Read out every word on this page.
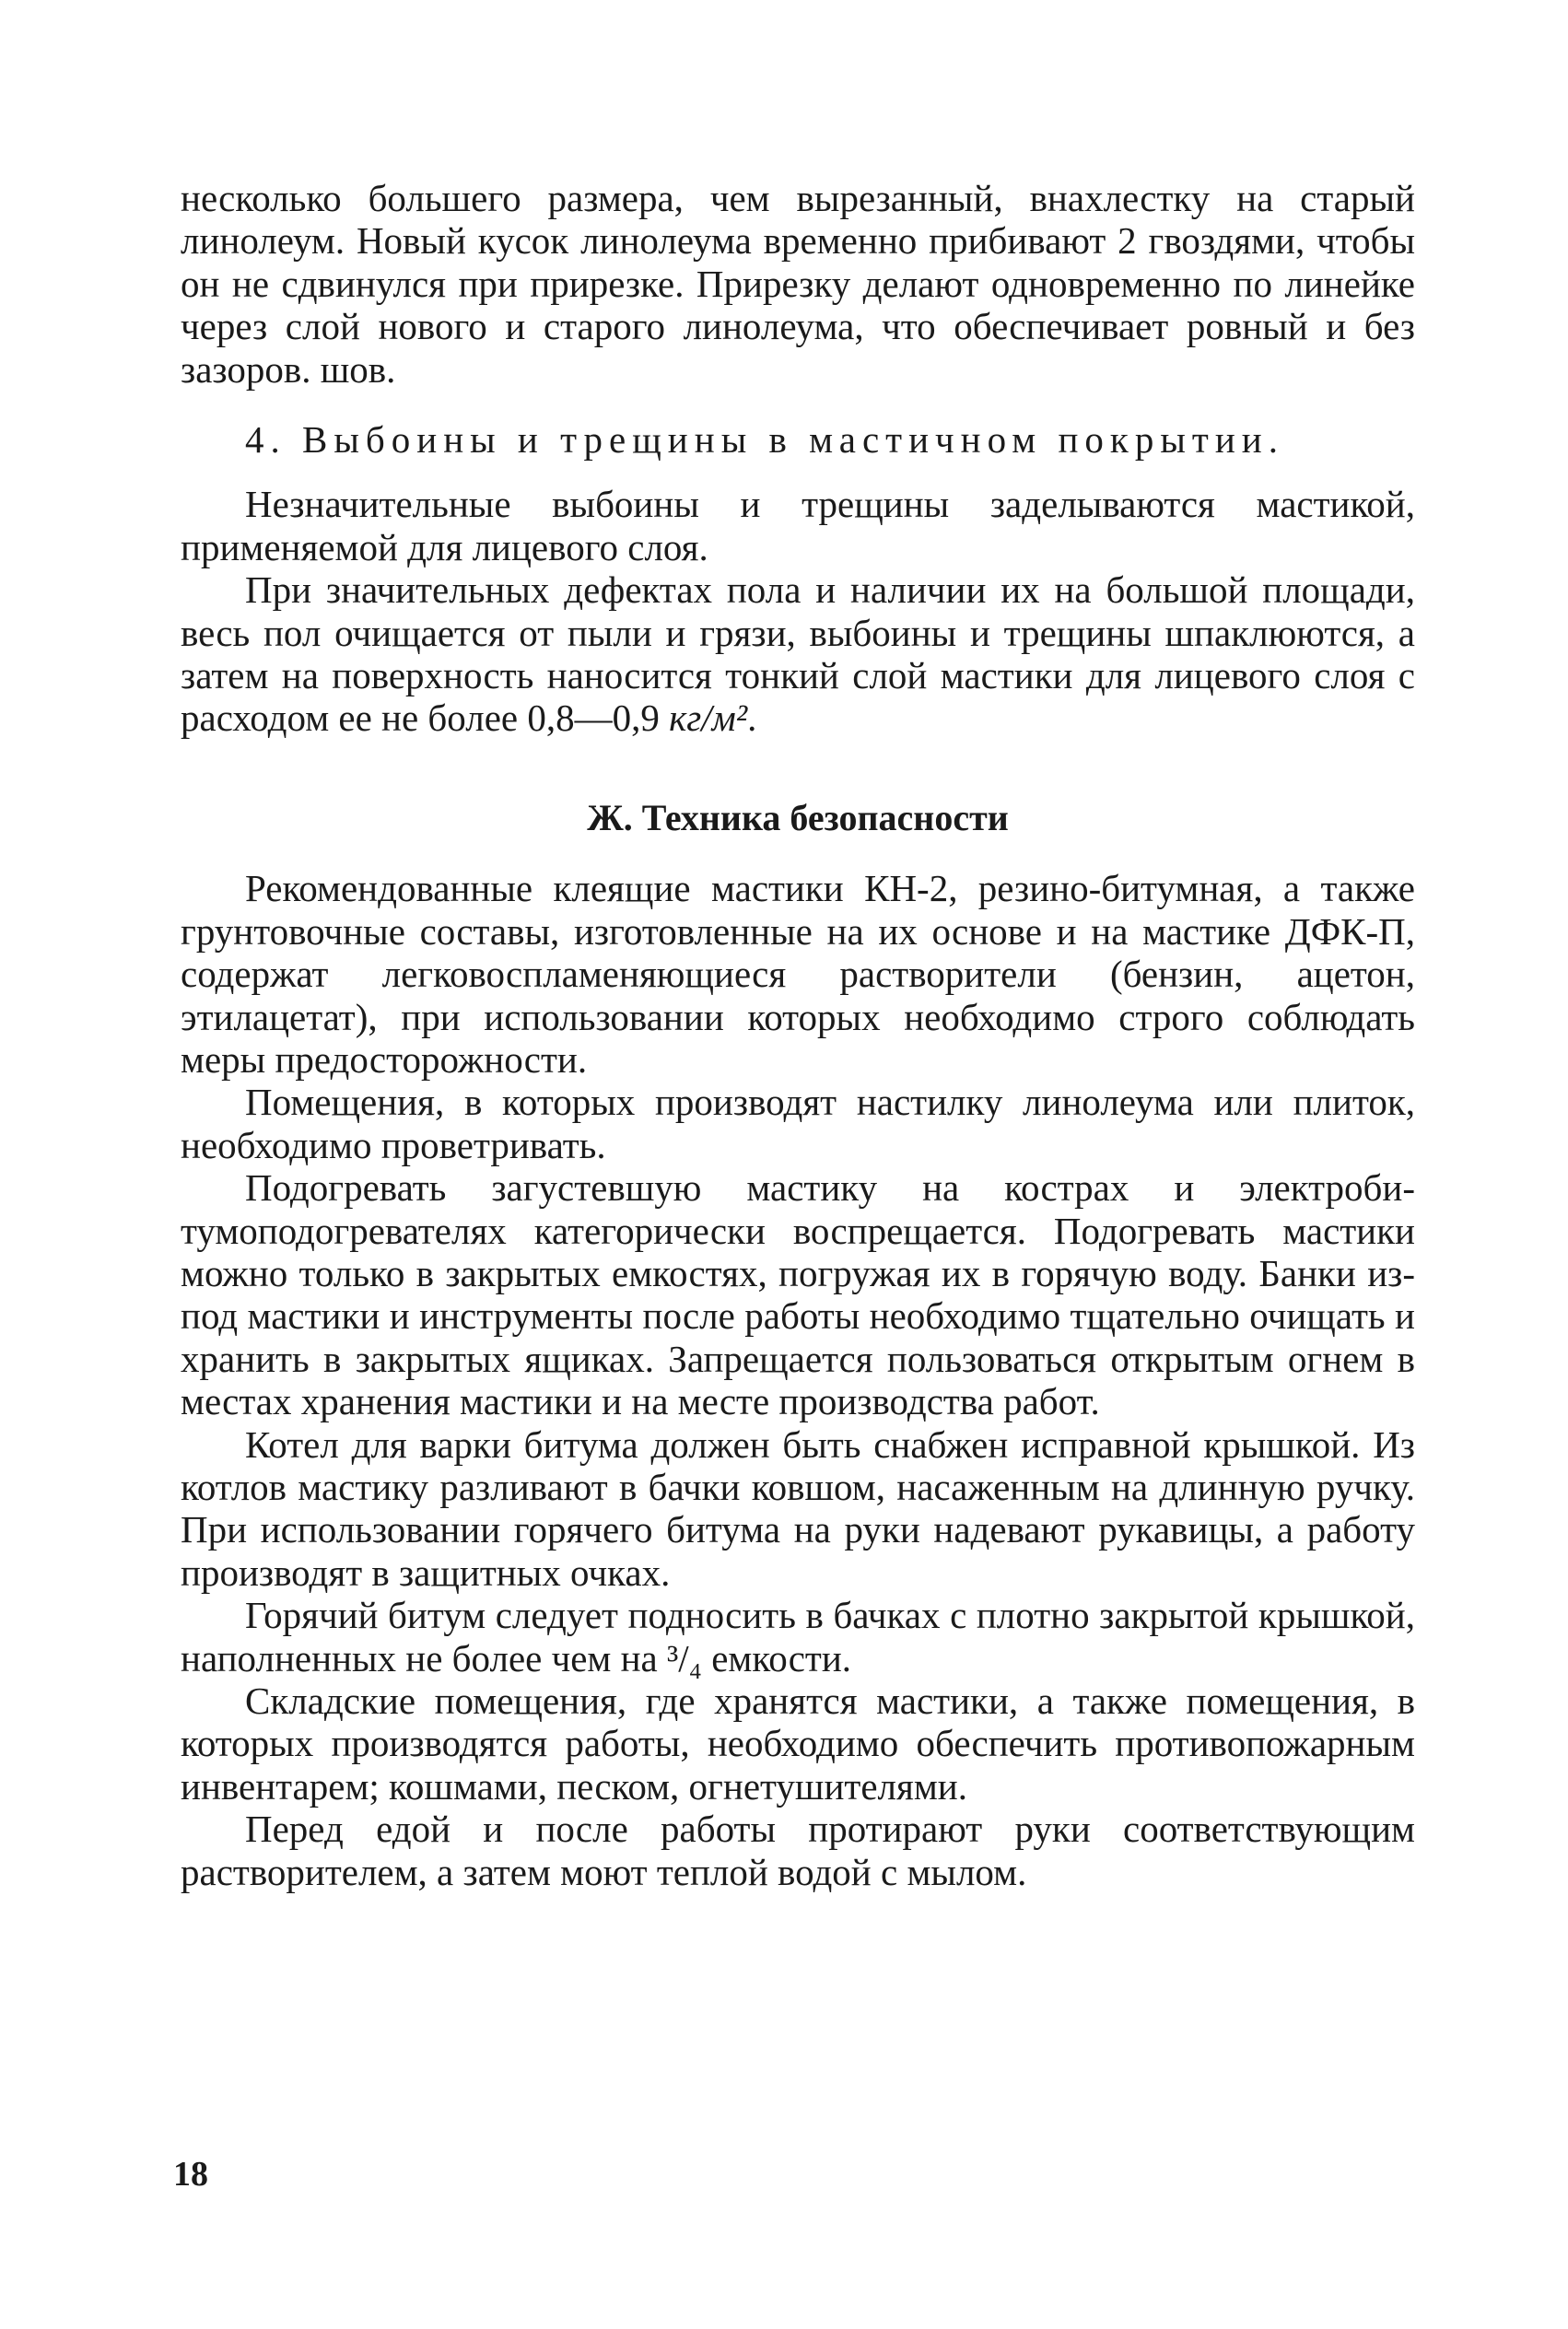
несколько большего размера, чем вырезанный, внахлестку на старый линолеум. Новый кусок линолеума временно прибивают 2 гвоздями, чтобы он не сдвинулся при прирезке. Прирезку делают одновременно по линейке через слой нового и старого линолеума, что обеспечивает ровный и без зазоров. шов.

4. Выбоины и трещины в мастичном покрытии.

Незначительные выбоины и трещины заделываются мастикой, применяемой для лицевого слоя.

При значительных дефектах пола и наличии их на большой площади, весь пол очищается от пыли и грязи, выбоины и трещины шпаклюются, а затем на поверхность наносится тонкий слой мастики для лицевого слоя с расходом ее не более 0,8—0,9 кг/м².

Ж. Техника безопасности

Рекомендованные клеящие мастики КН-2, резино-битумная, а также грунтовочные составы, изготовленные на их основе и на мастике ДФК-П, содержат легковоспламеняющиеся растворители (бензин, ацетон, этилацетат), при использовании которых необходимо строго соблюдать меры предосторожности.

Помещения, в которых производят настилку линолеума или плиток, необходимо проветривать.

Подогревать загустевшую мастику на кострах и электробитумоподогревателях категорически воспрещается. Подогревать мастики можно только в закрытых емкостях, погружая их в горячую воду. Банки из-под мастики и инструменты после работы необходимо тщательно очищать и хранить в закрытых ящиках. Запрещается пользоваться открытым огнем в местах хранения мастики и на месте производства работ.

Котел для варки битума должен быть снабжен исправной крышкой. Из котлов мастику разливают в бачки ковшом, насаженным на длинную ручку. При использовании горячего битума на руки надевают рукавицы, а работу производят в защитных очках.

Горячий битум следует подносить в бачках с плотно закрытой крышкой, наполненных не более чем на ³/₄ емкости.

Складские помещения, где хранятся мастики, а также помещения, в которых производятся работы, необходимо обеспечить противопожарным инвентарем; кошмами, песком, огнетушителями.

Перед едой и после работы протирают руки соответствующим растворителем, а затем моют теплой водой с мылом.

18
